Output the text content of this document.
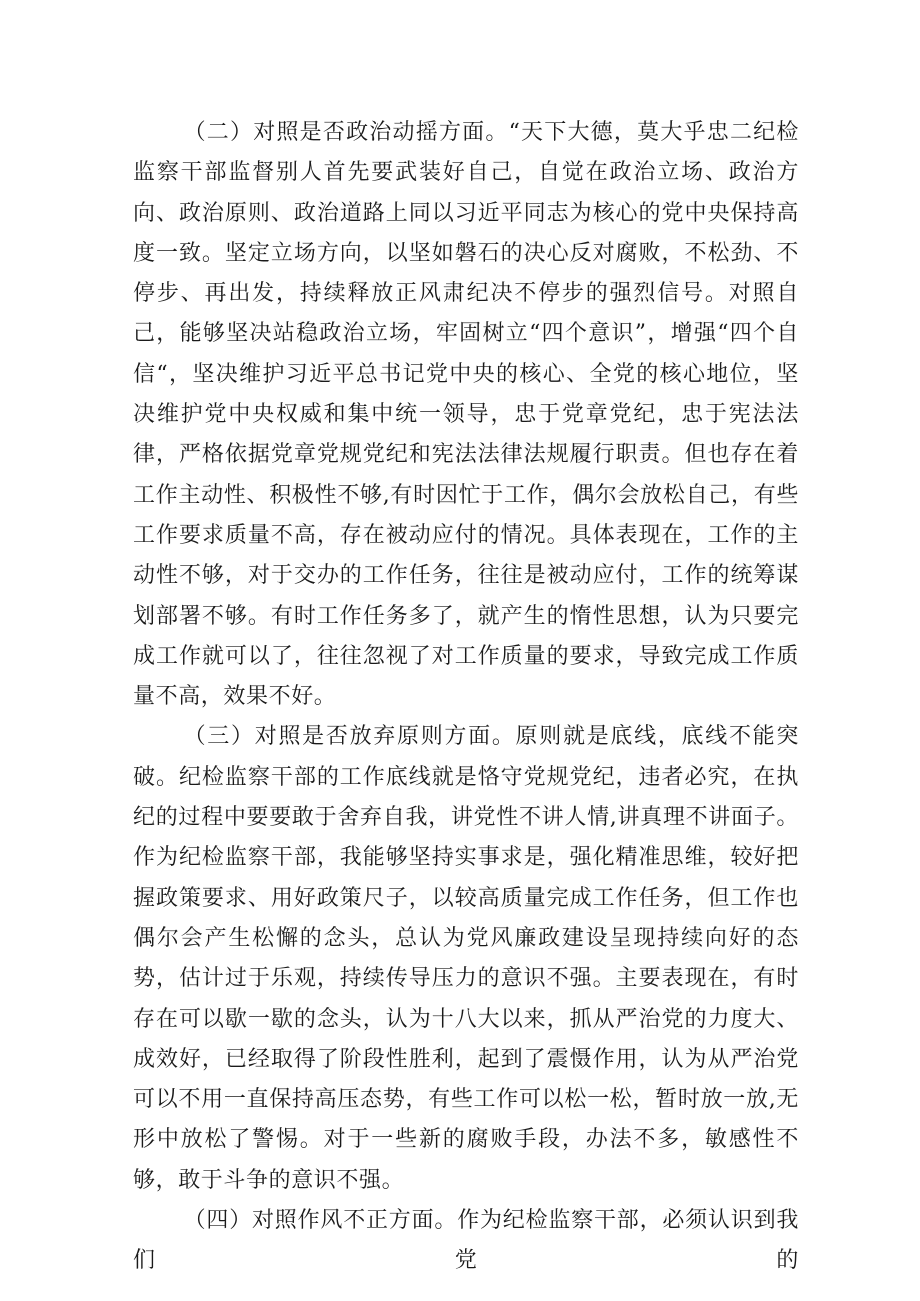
（二）对照是否政治动摇方面。“天下大德，莫大乎忠二纪检监察干部监督别人首先要武装好自己，自觉在政治立场、政治方向、政治原则、政治道路上同以习近平同志为核心的党中央保持高度一致。坚定立场方向，以坚如磐石的决心反对腐败，不松劲、不停步、再出发，持续释放正风肃纪决不停步的强烈信号。对照自己，能够坚决站稳政治立场，牢固树立“四个意识”，增强“四个自信“，坚决维护习近平总书记党中央的核心、全党的核心地位，坚决维护党中央权威和集中统一领导，忠于党章党纪，忠于宪法法律，严格依据党章党规党纪和宪法法律法规履行职责。但也存在着工作主动性、积极性不够,有时因忙于工作，偶尔会放松自己，有些工作要求质量不高，存在被动应付的情况。具体表现在，工作的主动性不够，对于交办的工作任务，往往是被动应付，工作的统筹谋划部署不够。有时工作任务多了，就产生的惰性思想，认为只要完成工作就可以了，往往忽视了对工作质量的要求，导致完成工作质量不高，效果不好。

（三）对照是否放弃原则方面。原则就是底线，底线不能突破。纪检监察干部的工作底线就是恪守党规党纪，违者必究，在执纪的过程中要要敢于舍弃自我，讲党性不讲人情,讲真理不讲面子。作为纪检监察干部，我能够坚持实事求是，强化精准思维，较好把握政策要求、用好政策尺子，以较高质量完成工作任务，但工作也偶尔会产生松懈的念头，总认为党风廉政建设呈现持续向好的态势，估计过于乐观，持续传导压力的意识不强。主要表现在，有时存在可以歇一歇的念头，认为十八大以来，抓从严治党的力度大、成效好，已经取得了阶段性胜利，起到了震慑作用，认为从严治党可以不用一直保持高压态势，有些工作可以松一松，暂时放一放,无形中放松了警惕。对于一些新的腐败手段，办法不多，敏感性不够，敢于斗争的意识不强。

（四）对照作风不正方面。作为纪检监察干部，必须认识到我们党的
